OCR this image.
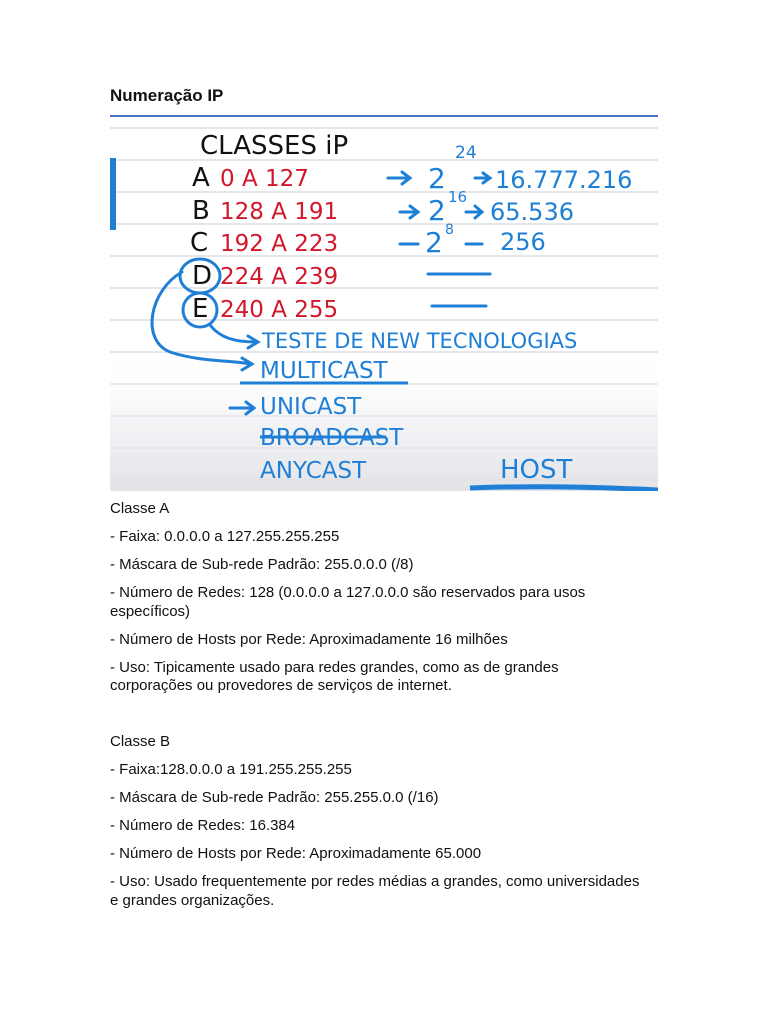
Numeração IP
CLASSES iP
A
B
C
D
E
0 A 127
128 A 191
192 A 223
224 A 239
240 A 255
2
24
16.777.216
2 16
65.536
2 8 256
TESTE DE NEW TECNOLOGIAS
MULTICAST
UNICAST
BROADCAST
ANYCAST	HOST

Classe A

- Faixa: 0.0.0.0 a 127.255.255.255

- Máscara de Sub-rede Padrão: 255.0.0.0 (/8)

- Número de Redes: 128 (0.0.0.0 a 127.0.0.0 são reservados para usos
específicos)

- Número de Hosts por Rede: Aproximadamente 16 milhões

- Uso: Tipicamente usado para redes grandes, como as de grandes
corporações ou provedores de serviços de internet.

Classe B

- Faixa:128.0.0.0 a 191.255.255.255

- Máscara de Sub-rede Padrão: 255.255.0.0 (/16)

- Número de Redes: 16.384

- Número de Hosts por Rede: Aproximadamente 65.000

- Uso: Usado frequentemente por redes médias a grandes, como universidades
e grandes organizações.
